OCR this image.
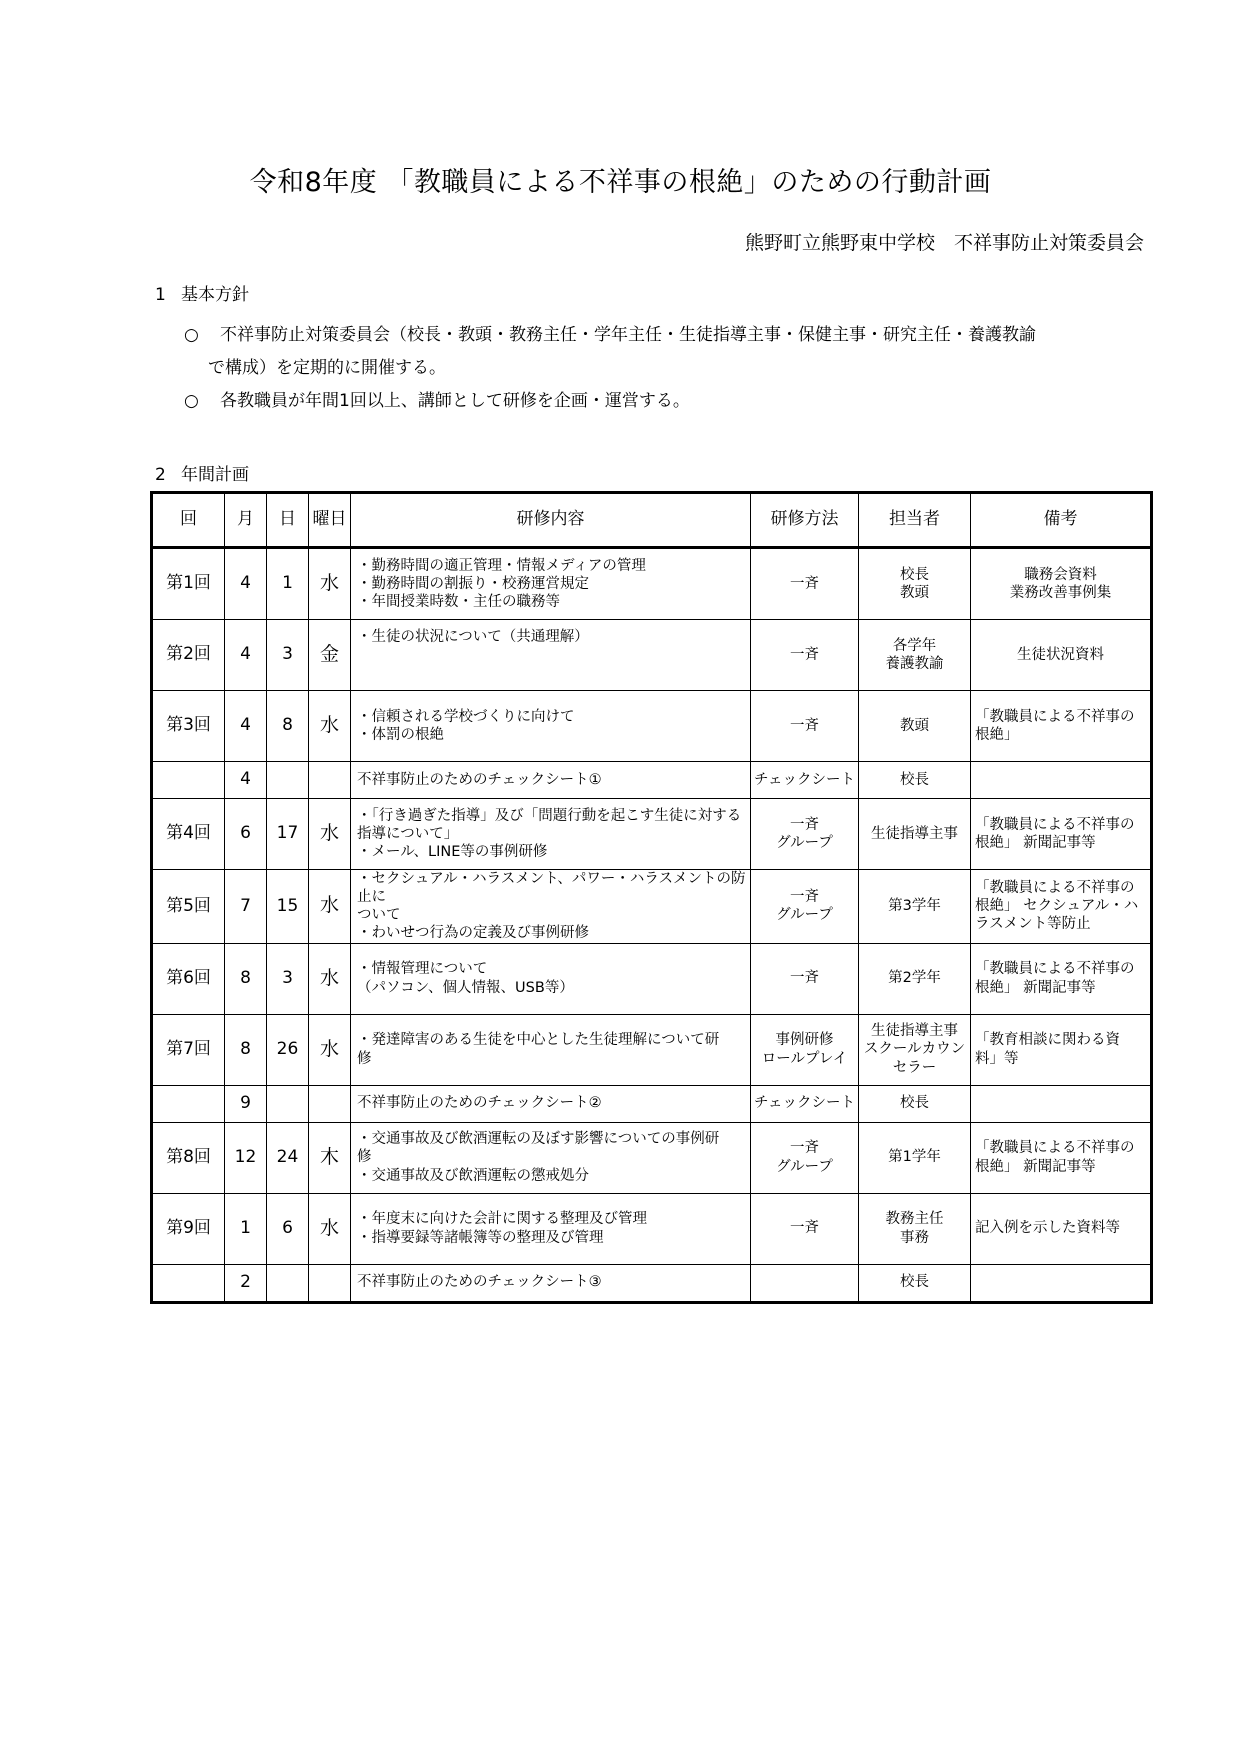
令和8年度 「教職員による不祥事の根絶」のための行動計画
熊野町立熊野東中学校　不祥事防止対策委員会
1 基本方針
○ 不祥事防止対策委員会（校長・教頭・教務主任・学年主任・生徒指導主事・保健主事・研究主任・養護教諭
で構成）を定期的に開催する。
○ 各教職員が年間1回以上、講師として研修を企画・運営する。
2 年間計画
回	月	日	曜日	研修内容	研修方法	担当者	備考
第1回	4	1	水	・勤務時間の適正管理・情報メディアの管理
・勤務時間の割振り・校務運営規定
・年間授業時数・主任の職務等	一斉	校長
教頭	職務会資料
業務改善事例集

第2回	4	3	金	・生徒の状況について（共通理解）	一斉	各学年
養護教諭	生徒状況資料

第3回	4	8	水	・信頼される学校づくりに向けて
・体罰の根絶	一斉	教頭	「教職員による不祥事の
根絶」

	4			不祥事防止のためのチェックシート①	チェックシート	校長	

第4回	6	17	水	・「行き過ぎた指導」及び「問題行動を起こす生徒に対する
指導について」
・メール、LINE等の事例研修	一斉
グループ	生徒指導主事	「教職員による不祥事の
根絶」 新聞記事等

第5回	7	15	水	・セクシュアル・ハラスメント、パワー・ハラスメントの防止に
ついて
・わいせつ行為の定義及び事例研修	一斉
グループ	第3学年	「教職員による不祥事の
根絶」 セクシュアル・ハ
ラスメント等防止

第6回	8	3	水	・情報管理について
（パソコン、個人情報、USB等）	一斉	第2学年	「教職員による不祥事の
根絶」 新聞記事等

第7回	8	26	水	・発達障害のある生徒を中心とした生徒理解について研
修	事例研修
ロールプレイ	生徒指導主事
スクールカウン
セラー	「教育相談に関わる資
料」等

	9			不祥事防止のためのチェックシート②	チェックシート	校長	

第8回	12	24	木	・交通事故及び飲酒運転の及ぼす影響についての事例研
修
・交通事故及び飲酒運転の懲戒処分	一斉
グループ	第1学年	「教職員による不祥事の
根絶」 新聞記事等

第9回	1	6	水	・年度末に向けた会計に関する整理及び管理
・指導要録等諸帳簿等の整理及び管理	一斉	教務主任
事務	記入例を示した資料等

	2			不祥事防止のためのチェックシート③		校長	
